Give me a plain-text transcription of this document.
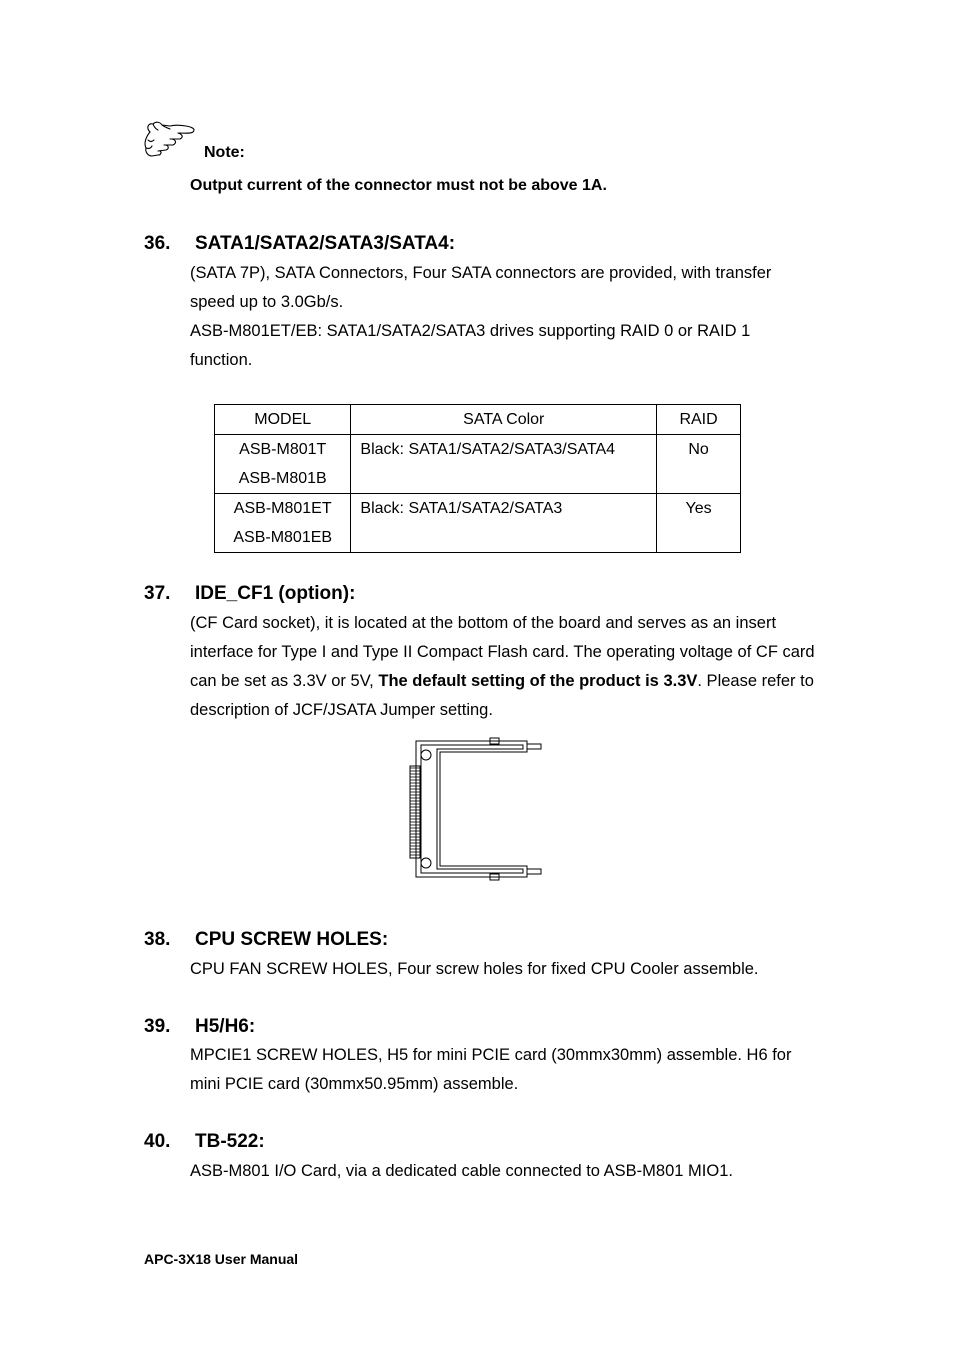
Note:
Output current of the connector must not be above 1A.
36. SATA1/SATA2/SATA3/SATA4:

(SATA 7P), SATA Connectors, Four SATA connectors are provided, with transfer speed up to 3.0Gb/s.

ASB-M801ET/EB: SATA1/SATA2/SATA3 drives supporting RAID 0 or RAID 1 function.

MODEL	SATA Color	RAID

ASB-M801T
ASB-M801B	Black: SATA1/SATA2/SATA3/SATA4	No

ASB-M801ET
ASB-M801EB	Black: SATA1/SATA2/SATA3	Yes
37. IDE_CF1 (option):

(CF Card socket), it is located at the bottom of the board and serves as an insert interface for Type I and Type II Compact Flash card. The operating voltage of CF card can be set as 3.3V or 5V, The default setting of the product is 3.3V. Please refer to description of JCF/JSATA Jumper setting.

38. CPU SCREW HOLES:

CPU FAN SCREW HOLES, Four screw holes for fixed CPU Cooler assemble.

39. H5/H6:

MPCIE1 SCREW HOLES, H5 for mini PCIE card (30mmx30mm) assemble. H6 for mini PCIE card (30mmx50.95mm) assemble.

40. TB-522:

ASB-M801 I/O Card, via a dedicated cable connected to ASB-M801 MIO1.

APC-3X18 User Manual
